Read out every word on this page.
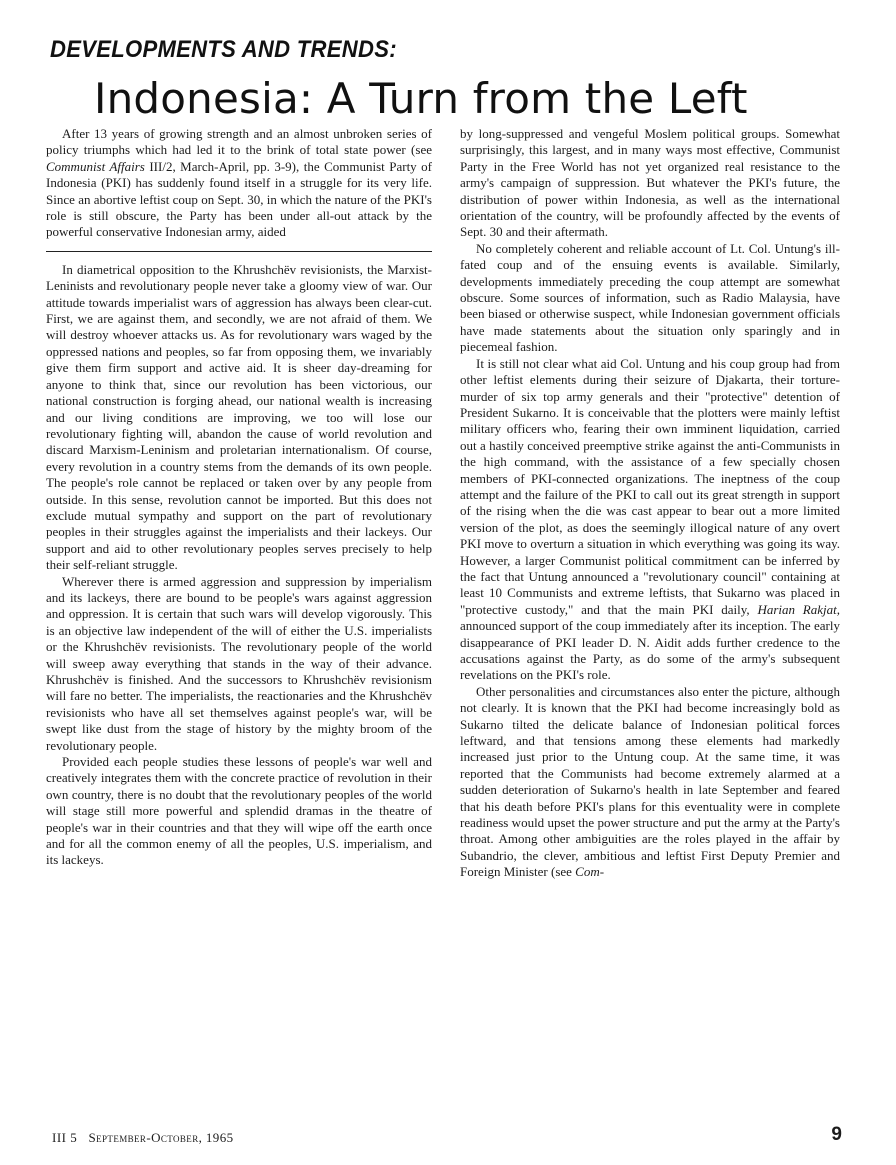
DEVELOPMENTS AND TRENDS:
Indonesia: A Turn from the Left

After 13 years of growing strength and an almost unbroken series of policy triumphs which had led it to the brink of total state power (see Communist Affairs III/2, March-April, pp. 3-9), the Communist Party of Indonesia (PKI) has suddenly found itself in a struggle for its very life. Since an abortive leftist coup on Sept. 30, in which the nature of the PKI's role is still obscure, the Party has been under all-out attack by the powerful conservative Indonesian army, aided

In diametrical opposition to the Khrushchëv revisionists, the Marxist-Leninists and revolutionary people never take a gloomy view of war. Our attitude towards imperialist wars of aggression has always been clear-cut. First, we are against them, and secondly, we are not afraid of them. We will destroy whoever attacks us. As for revolutionary wars waged by the oppressed nations and peoples, so far from opposing them, we invariably give them firm support and active aid. It is sheer day-dreaming for anyone to think that, since our revolution has been victorious, our national construction is forging ahead, our national wealth is increasing and our living conditions are improving, we too will lose our revolutionary fighting will, abandon the cause of world revolution and discard Marxism-Leninism and proletarian internationalism. Of course, every revolution in a country stems from the demands of its own people. The people's role cannot be replaced or taken over by any people from outside. In this sense, revolution cannot be imported. But this does not exclude mutual sympathy and support on the part of revolutionary peoples in their struggles against the imperialists and their lackeys. Our support and aid to other revolutionary peoples serves precisely to help their self-reliant struggle.

Wherever there is armed aggression and suppression by imperialism and its lackeys, there are bound to be people's wars against aggression and oppression. It is certain that such wars will develop vigorously. This is an objective law independent of the will of either the U.S. imperialists or the Khrushchëv revisionists. The revolutionary people of the world will sweep away everything that stands in the way of their advance. Khrushchëv is finished. And the successors to Khrushchëv revisionism will fare no better. The imperialists, the reactionaries and the Khrushchëv revisionists who have all set themselves against people's war, will be swept like dust from the stage of history by the mighty broom of the revolutionary people.

Provided each people studies these lessons of people's war well and creatively integrates them with the concrete practice of revolution in their own country, there is no doubt that the revolutionary peoples of the world will stage still more powerful and splendid dramas in the theatre of people's war in their countries and that they will wipe off the earth once and for all the common enemy of all the peoples, U.S. imperialism, and its lackeys.

by long-suppressed and vengeful Moslem political groups. Somewhat surprisingly, this largest, and in many ways most effective, Communist Party in the Free World has not yet organized real resistance to the army's campaign of suppression. But whatever the PKI's future, the distribution of power within Indonesia, as well as the international orientation of the country, will be profoundly affected by the events of Sept. 30 and their aftermath.

No completely coherent and reliable account of Lt. Col. Untung's ill-fated coup and of the ensuing events is available. Similarly, developments immediately preceding the coup attempt are somewhat obscure. Some sources of information, such as Radio Malaysia, have been biased or otherwise suspect, while Indonesian government officials have made statements about the situation only sparingly and in piecemeal fashion.

It is still not clear what aid Col. Untung and his coup group had from other leftist elements during their seizure of Djakarta, their torture-murder of six top army generals and their "protective" detention of President Sukarno. It is conceivable that the plotters were mainly leftist military officers who, fearing their own imminent liquidation, carried out a hastily conceived preemptive strike against the anti-Communists in the high command, with the assistance of a few specially chosen members of PKI-connected organizations. The ineptness of the coup attempt and the failure of the PKI to call out its great strength in support of the rising when the die was cast appear to bear out a more limited version of the plot, as does the seemingly illogical nature of any overt PKI move to overturn a situation in which everything was going its way. However, a larger Communist political commitment can be inferred by the fact that Untung announced a "revolutionary council" containing at least 10 Communists and extreme leftists, that Sukarno was placed in "protective custody," and that the main PKI daily, Harian Rakjat, announced support of the coup immediately after its inception. The early disappearance of PKI leader D. N. Aidit adds further credence to the accusations against the Party, as do some of the army's subsequent revelations on the PKI's role.

Other personalities and circumstances also enter the picture, although not clearly. It is known that the PKI had become increasingly bold as Sukarno tilted the delicate balance of Indonesian political forces leftward, and that tensions among these elements had markedly increased just prior to the Untung coup. At the same time, it was reported that the Communists had become extremely alarmed at a sudden deterioration of Sukarno's health in late September and feared that his death before PKI's plans for this eventuality were in complete readiness would upset the power structure and put the army at the Party's throat. Among other ambiguities are the roles played in the affair by Subandrio, the clever, ambitious and leftist First Deputy Premier and Foreign Minister (see Com-

III 5 September-October, 1965	9
